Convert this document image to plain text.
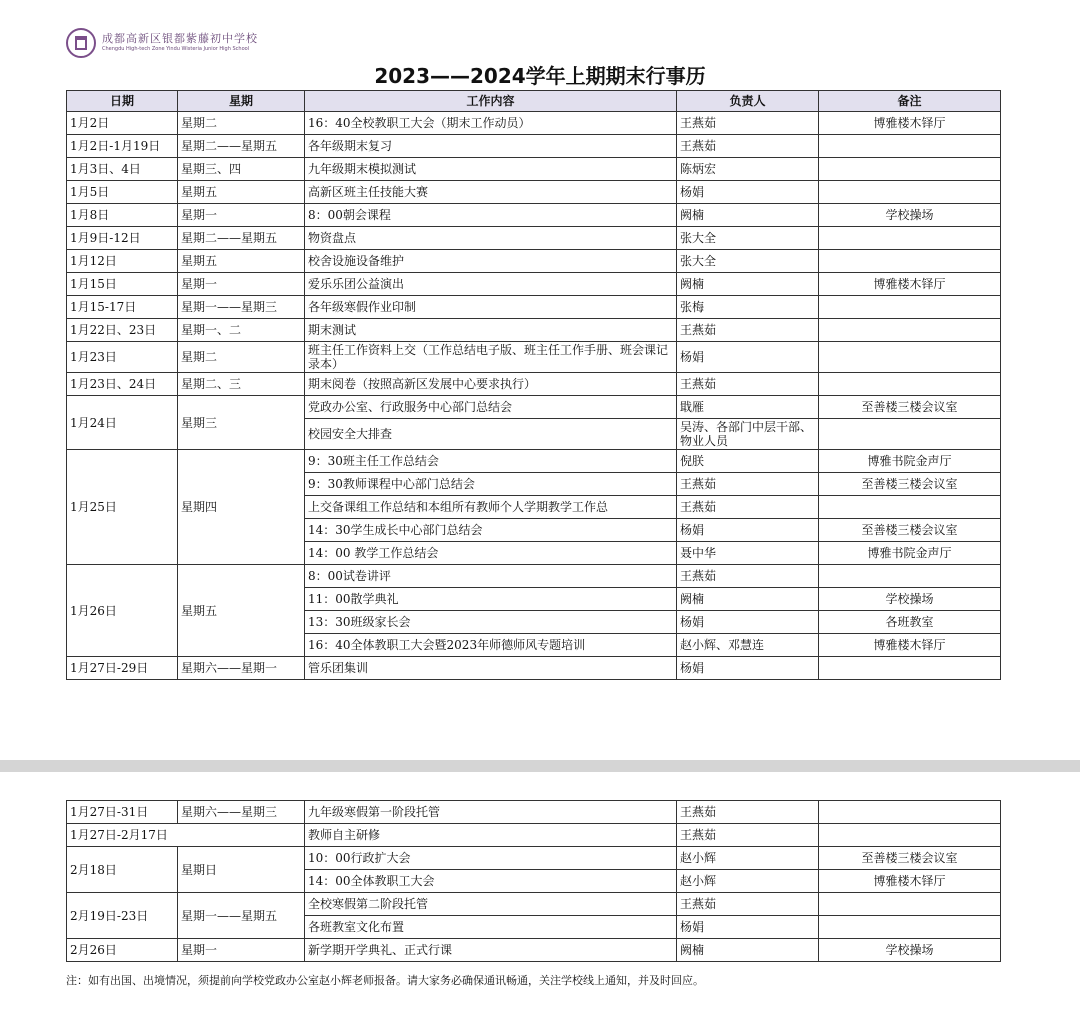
成都高新区银都紫藤初中学校
Chengdu High-tech Zone Yindu Wisteria Junior High School
2023——2024学年上期期末行事历
日期	星期	工作内容	负责人	备注
1月2日	星期二	16：40全校教职工大会（期末工作动员）	王燕茹	博雅楼木铎厅
1月2日-1月19日	星期二——星期五	各年级期末复习	王燕茹	
1月3日、4日	星期三、四	九年级期末模拟测试	陈炳宏	
1月5日	星期五	高新区班主任技能大赛	杨娟	
1月8日	星期一	8：00朝会课程	阙楠	学校操场
1月9日-12日	星期二——星期五	物资盘点	张大全	
1月12日	星期五	校舍设施设备维护	张大全	
1月15日	星期一	爱乐乐团公益演出	阙楠	博雅楼木铎厅
1月15-17日	星期一——星期三	各年级寒假作业印制	张梅	
1月22日、23日	星期一、二	期末测试	王燕茹	
1月23日	星期二	班主任工作资料上交（工作总结电子版、班主任工作手册、班会课记录本）	杨娟	
1月23日、24日	星期二、三	期末阅卷（按照高新区发展中心要求执行）	王燕茹	
1月24日	星期三	党政办公室、行政服务中心部门总结会	戢雁	至善楼三楼会议室
		校园安全大排查	吴涛、各部门中层干部、物业人员	
1月25日	星期四	9：30班主任工作总结会	倪朕	博雅书院金声厅
		9：30教师课程中心部门总结会	王燕茹	至善楼三楼会议室
		上交备课组工作总结和本组所有教师个人学期教学工作总	王燕茹	
		14：30学生成长中心部门总结会	杨娟	至善楼三楼会议室
		14：00 教学工作总结会	聂中华	博雅书院金声厅
1月26日	星期五	8：00试卷讲评	王燕茹	
		11：00散学典礼	阙楠	学校操场
		13：30班级家长会	杨娟	各班教室
		16：40全体教职工大会暨2023年师德师风专题培训	赵小辉、邓慧连	博雅楼木铎厅
1月27日-29日	星期六——星期一	管乐团集训	杨娟	
1月27日-31日	星期六——星期三	九年级寒假第一阶段托管	王燕茹	
1月27日-2月17日		教师自主研修	王燕茹	
2月18日	星期日	10：00行政扩大会	赵小辉	至善楼三楼会议室
		14：00全体教职工大会	赵小辉	博雅楼木铎厅
2月19日-23日	星期一——星期五	全校寒假第二阶段托管	王燕茹	
		各班教室文化布置	杨娟	
2月26日	星期一	新学期开学典礼、正式行课	阙楠	学校操场
注：如有出国、出境情况，须提前向学校党政办公室赵小辉老师报备。请大家务必确保通讯畅通，关注学校线上通知，并及时回应。
